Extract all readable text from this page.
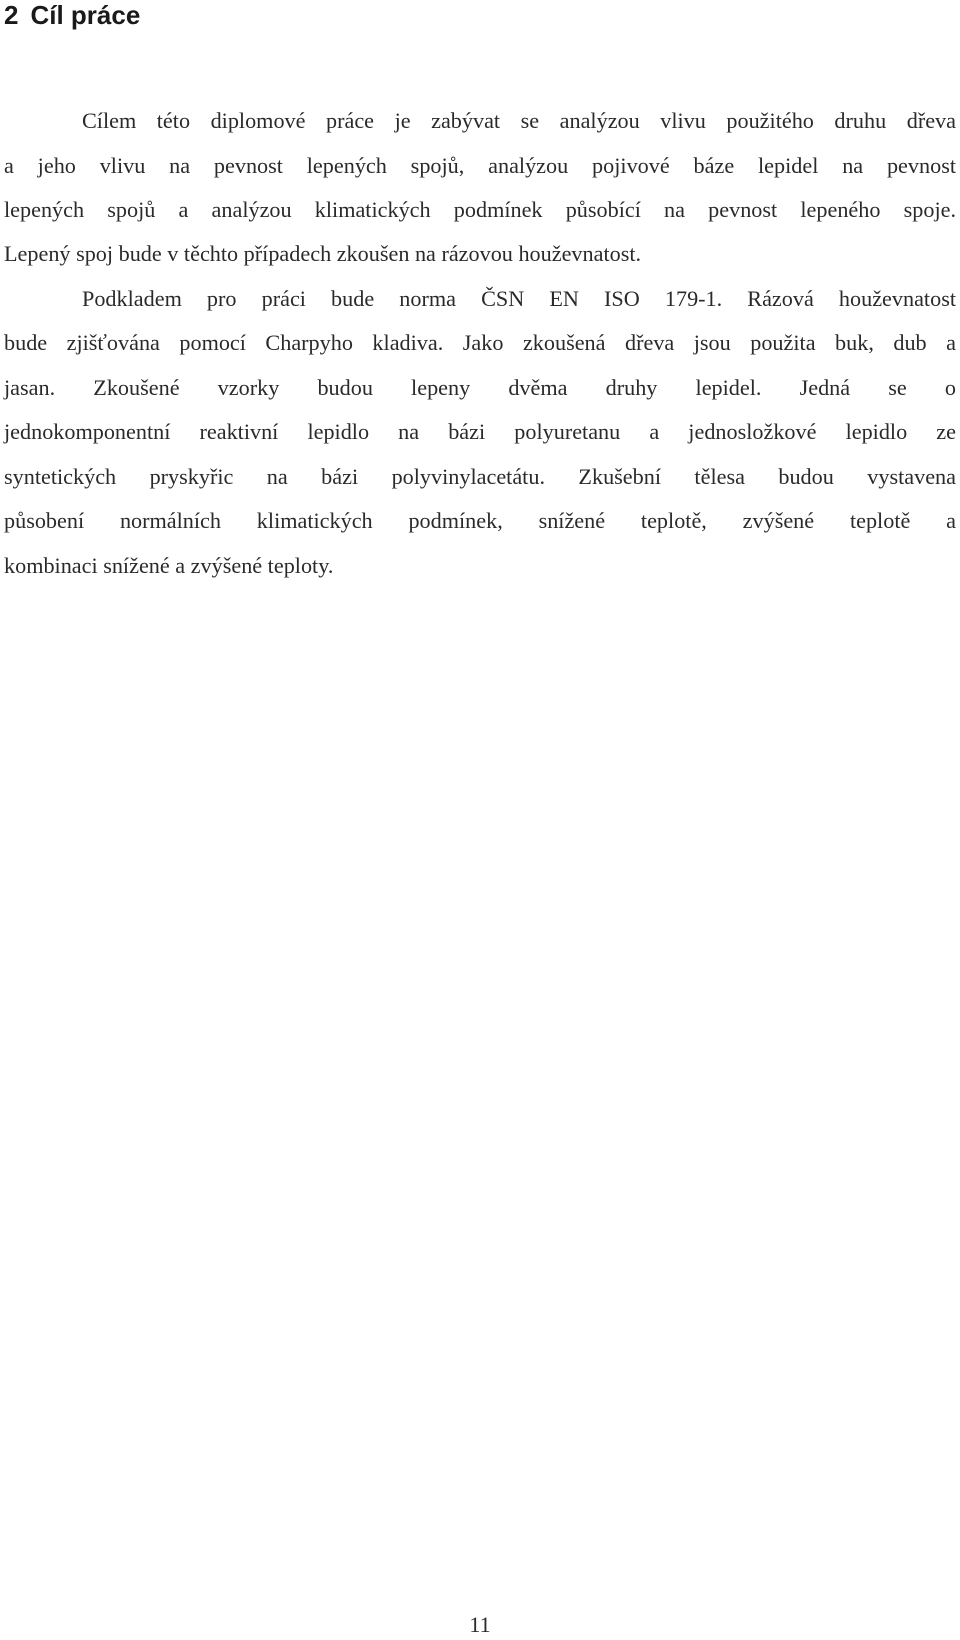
2 Cíl práce
Cílem této diplomové práce je zabývat se analýzou vlivu použitého druhu dřeva
a jeho vlivu na pevnost lepených spojů, analýzou pojivové báze lepidel na pevnost
lepených spojů a analýzou klimatických podmínek působící na pevnost lepeného spoje.
Lepený spoj bude v těchto případech zkoušen na rázovou houževnatost.
Podkladem pro práci bude norma ČSN EN ISO 179-1. Rázová houževnatost
bude zjišťována pomocí Charpyho kladiva. Jako zkoušená dřeva jsou použita buk, dub a
jasan. Zkoušené vzorky budou lepeny dvěma druhy lepidel. Jedná se o
jednokomponentní reaktivní lepidlo na bázi polyuretanu a jednosložkové lepidlo ze
syntetických pryskyřic na bázi polyvinylacetátu. Zkušební tělesa budou vystavena
působení normálních klimatických podmínek, snížené teplotě, zvýšené teplotě a
kombinaci snížené a zvýšené teploty.
11
